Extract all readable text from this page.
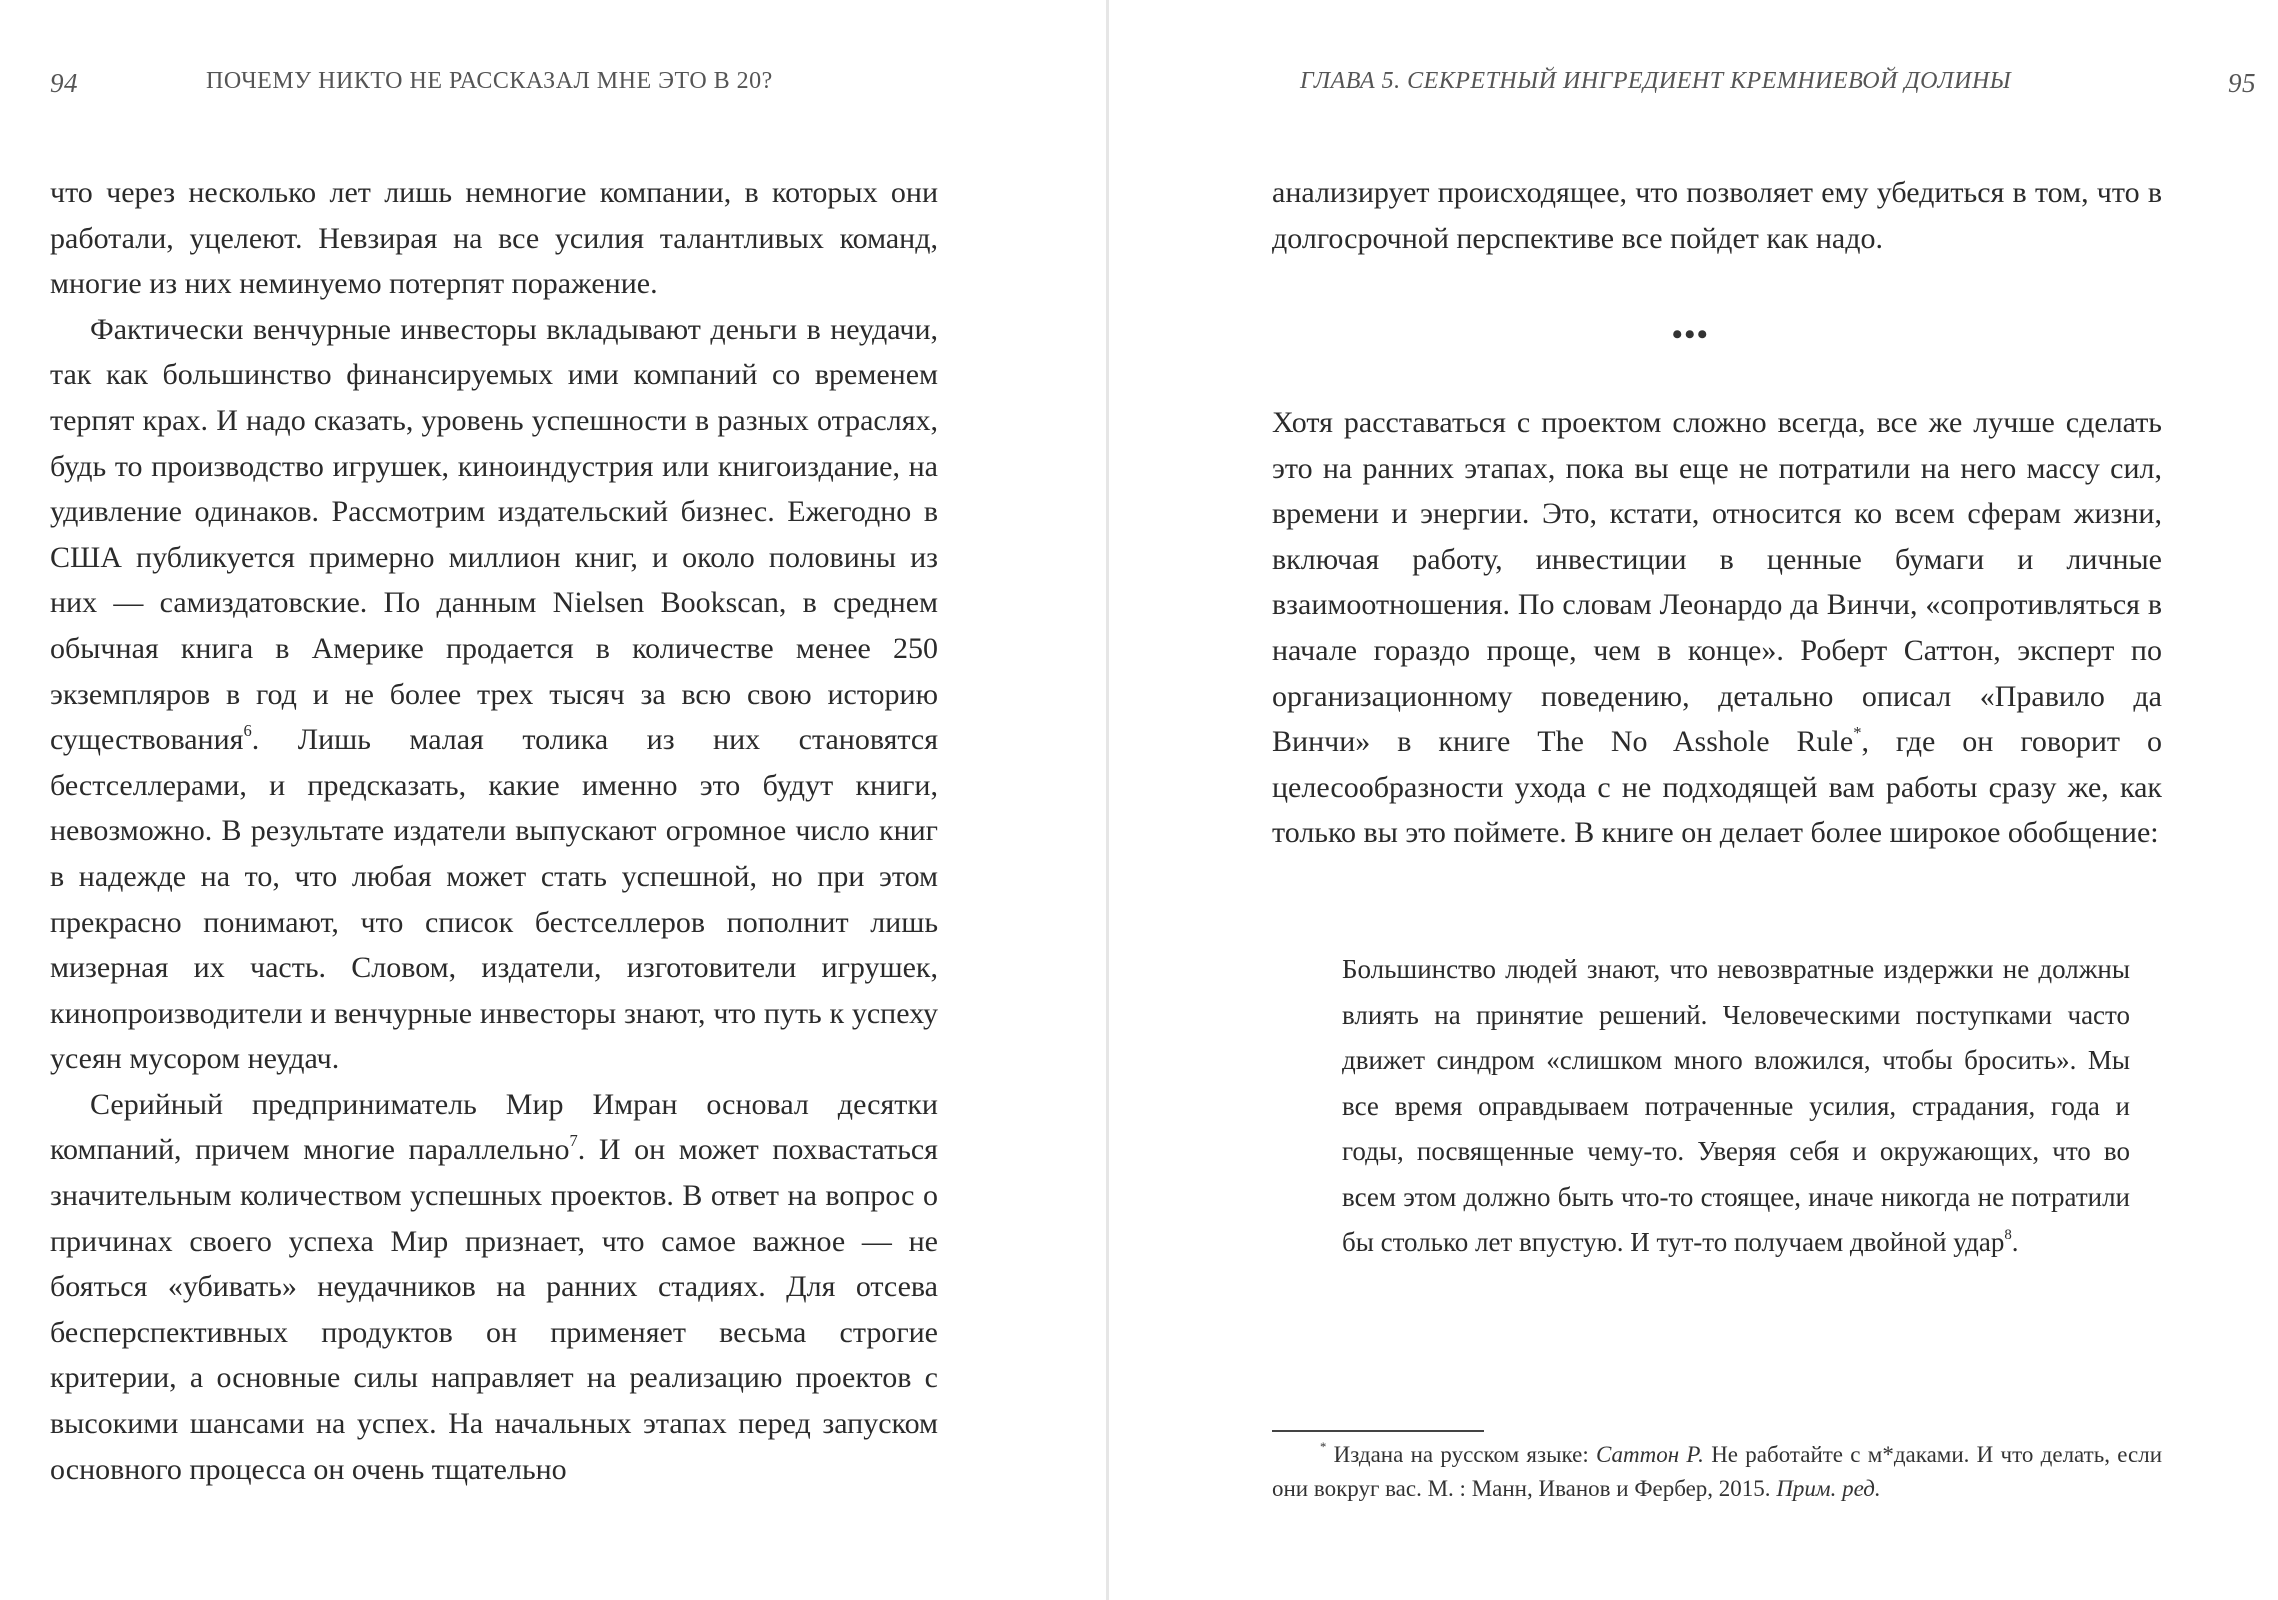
94	ПОЧЕМУ НИКТО НЕ РАССКАЗАЛ МНЕ ЭТО В 20?

что через несколько лет лишь немногие компании, в которых они работали, уцелеют. Невзирая на все усилия талантливых команд, многие из них неминуемо потерпят поражение.

Фактически венчурные инвесторы вкладывают деньги в неудачи, так как большинство финансируемых ими компаний со временем терпят крах. И надо сказать, уровень успешности в разных отраслях, будь то производство игрушек, киноиндустрия или книгоиздание, на удивление одинаков. Рассмотрим издательский бизнес. Ежегодно в США публикуется примерно миллион книг, и около половины из них — самиздатовские. По данным Nielsen Bookscan, в среднем обычная книга в Америке продается в количестве менее 250 экземпляров в год и не более трех тысяч за всю свою историю существования$^6$. Лишь малая толика из них становятся бестселлерами, и предсказать, какие именно это будут книги, невозможно. В результате издатели выпускают огромное число книг в надежде на то, что любая может стать успешной, но при этом прекрасно понимают, что список бестселлеров пополнит лишь мизерная их часть. Словом, издатели, изготовители игрушек, кинопроизводители и венчурные инвесторы знают, что путь к успеху усеян мусором неудач.

Серийный предприниматель Мир Имран основал десятки компаний, причем многие параллельно$^7$. И он может похвастаться значительным количеством успешных проектов. В ответ на вопрос о причинах своего успеха Мир признает, что самое важное — не бояться «убивать» неудачников на ранних стадиях. Для отсева бесперспективных продуктов он применяет весьма строгие критерии, а основные силы направляет на реализацию проектов с высокими шансами на успех. На начальных этапах перед запуском основного процесса он очень тщательно

ГЛАВА 5. СЕКРЕТНЫЙ ИНГРЕДИЕНТ КРЕМНИЕВОЙ ДОЛИНЫ	95

анализирует происходящее, что позволяет ему убедиться в том, что в долгосрочной перспективе все пойдет как надо.

•••

Хотя расставаться с проектом сложно всегда, все же лучше сделать это на ранних этапах, пока вы еще не потратили на него массу сил, времени и энергии. Это, кстати, относится ко всем сферам жизни, включая работу, инвестиции в ценные бумаги и личные взаимоотношения. По словам Леонардо да Винчи, «сопротивляться в начале гораздо проще, чем в конце». Роберт Саттон, эксперт по организационному поведению, детально описал «Правило да Винчи» в книге The No Asshole Rule*, где он говорит о целесообразности ухода с не подходящей вам работы сразу же, как только вы это поймете. В книге он делает более широкое обобщение:

Большинство людей знают, что невозвратные издержки не должны влиять на принятие решений. Человеческими поступками часто движет синдром «слишком много вложился, чтобы бросить». Мы все время оправдываем потраченные усилия, страдания, года и годы, посвященные чему-то. Уверяя себя и окружающих, что во всем этом должно быть что-то стоящее, иначе никогда не потратили бы столько лет впустую. И тут-то получаем двойной удар$^8$.

* Издана на русском языке: Саттон Р. Не работайте с м*даками. И что делать, если они вокруг вас. М. : Манн, Иванов и Фербер, 2015. Прим. ред.
